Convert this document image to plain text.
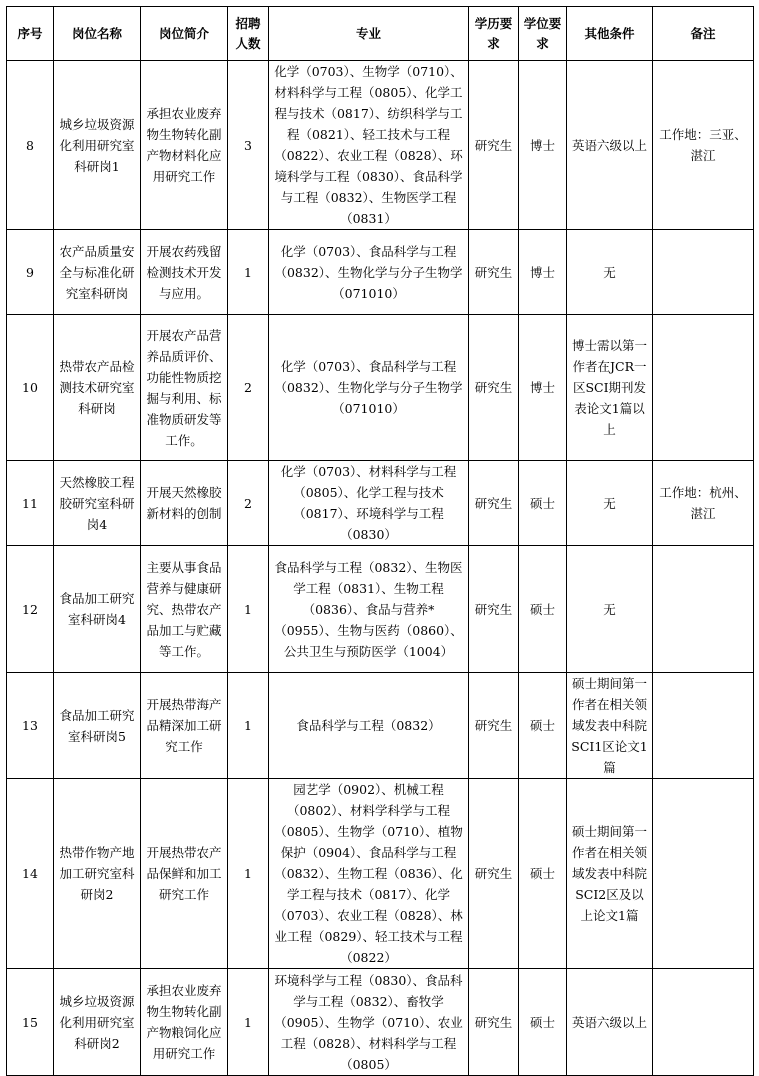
序号	岗位名称	岗位简介	招聘人数	专业	学历要求	学位要求	其他条件	备注
8	城乡垃圾资源化利用研究室科研岗1	承担农业废弃物生物转化副产物材料化应用研究工作	3	化学（0703）、生物学（0710）、材料科学与工程（0805）、化学工程与技术（0817）、纺织科学与工程（0821）、轻工技术与工程（0822）、农业工程（0828）、环境科学与工程（0830）、食品科学与工程（0832）、生物医学工程（0831）	研究生	博士	英语六级以上	工作地：三亚、湛江
9	农产品质量安全与标准化研究室科研岗	开展农药残留检测技术开发与应用。	1	化学（0703）、食品科学与工程（0832）、生物化学与分子生物学（071010）	研究生	博士	无	
10	热带农产品检测技术研究室科研岗	开展农产品营养品质评价、功能性物质挖掘与利用、标准物质研发等工作。	2	化学（0703）、食品科学与工程（0832）、生物化学与分子生物学（071010）	研究生	博士	博士需以第一作者在JCR一区SCI期刊发表论文1篇以上	
11	天然橡胶工程胶研究室科研岗4	开展天然橡胶新材料的创制	2	化学（0703）、材料科学与工程（0805）、化学工程与技术（0817）、环境科学与工程（0830）	研究生	硕士	无	工作地：杭州、湛江
12	食品加工研究室科研岗4	主要从事食品营养与健康研究、热带农产品加工与贮藏等工作。	1	食品科学与工程（0832）、生物医学工程（0831）、生物工程（0836）、食品与营养*（0955）、生物与医药（0860）、公共卫生与预防医学（1004）	研究生	硕士	无	
13	食品加工研究室科研岗5	开展热带海产品精深加工研究工作	1	食品科学与工程（0832）	研究生	硕士	硕士期间第一作者在相关领域发表中科院SCI1区论文1篇	
14	热带作物产地加工研究室科研岗2	开展热带农产品保鲜和加工研究工作	1	园艺学（0902）、机械工程（0802）、材料学科学与工程（0805）、生物学（0710）、植物保护（0904）、食品科学与工程（0832）、生物工程（0836）、化学工程与技术（0817）、化学（0703）、农业工程（0828）、林业工程（0829）、轻工技术与工程（0822）	研究生	硕士	硕士期间第一作者在相关领域发表中科院SCI2区及以上论文1篇	
15	城乡垃圾资源化利用研究室科研岗2	承担农业废弃物生物转化副产物粮饲化应用研究工作	1	环境科学与工程（0830）、食品科学与工程（0832）、畜牧学（0905）、生物学（0710）、农业工程（0828）、材料科学与工程（0805）	研究生	硕士	英语六级以上	
